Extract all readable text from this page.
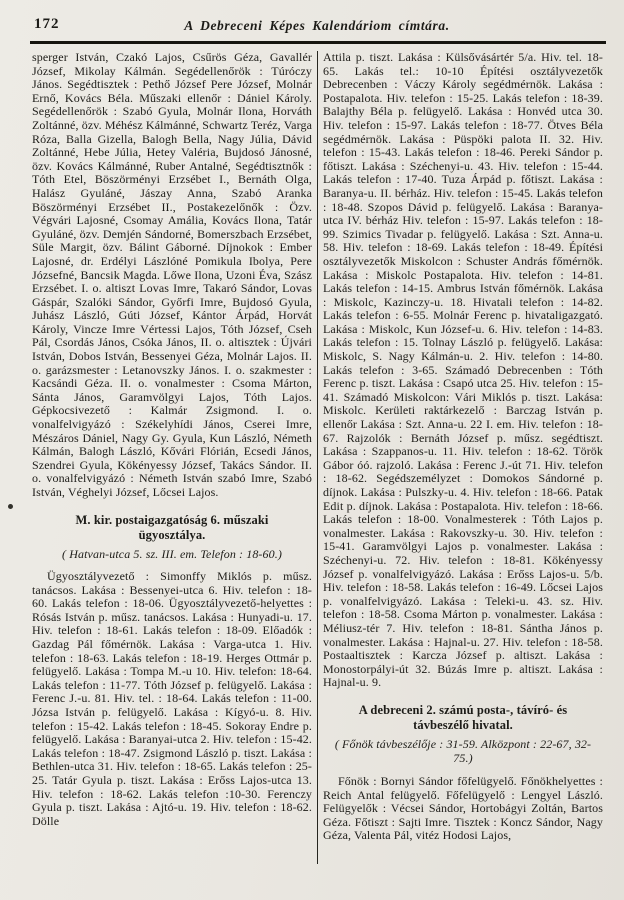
172	A Debreceni Képes Kalendáriom címtára.

sperger István, Czakó Lajos, Csűrös Géza, Gavallér József, Mikolay Kálmán. Segédellenőrök : Túróczy János. Segédtisztek : Pethő József Pere József, Molnár Ernő, Kovács Béla. Műszaki ellenőr : Dániel Károly. Segédellenőrök : Szabó Gyula, Molnár Ilona, Horváth Zoltánné, özv. Méhész Kálmánné, Schwartz Teréz, Varga Róza, Balla Gizella, Balogh Bella, Nagy Júlia, Dávid Zoltánné, Hebe Júlia, Hetey Valéria, Bujdosó Jánosné, özv. Kovács Kálmánné, Ruber Antalné, Segédtisztnők : Tóth Etel, Böszörményi Erzsébet I., Bernáth Olga, Halász Gyuláné, Jászay Anna, Szabó Aranka Böszörményi Erzsébet II., Postakezelőnők : Özv. Végvári Lajosné, Csomay Amália, Kovács Ilona, Tatár Gyuláné, özv. Demjén Sándorné, Bomerszbach Erzsébet, Süle Margit, özv. Bálint Gáborné. Díjnokok : Ember Lajosné, dr. Erdélyi Lászlóné Pomikula Ibolya, Pere Józsefné, Bancsik Magda. Lőwe Ilona, Uzoni Éva, Szász Erzsébet. I. o. altiszt Lovas Imre, Takaró Sándor, Lovas Gáspár, Szalóki Sándor, Győrfi Imre, Bujdosó Gyula, Juhász László, Gúti József, Kántor Árpád, Horvát Károly, Vincze Imre Vértessi Lajos, Tóth József, Cseh Pál, Csordás János, Csóka János, II. o. altisztek : Újvári István, Dobos István, Bessenyei Géza, Molnár Lajos. II. o. garázsmester : Letanovszky János. I. o. szakmester : Kacsándi Géza. II. o. vonalmester : Csoma Márton, Sánta János, Garamvölgyi Lajos, Tóth Lajos. Gépkocsivezető : Kalmár Zsigmond. I. o. vonalfelvigyázó : Székelyhídi János, Cserei Imre, Mészáros Dániel, Nagy Gy. Gyula, Kun László, Németh Kálmán, Balogh László, Kővári Flórián, Ecsedi János, Szendrei Gyula, Kökényessy József, Takács Sándor. II. o. vonalfelvigyázó : Németh István szabó Imre, Szabó István, Véghelyi József, Lőcsei Lajos.

M. kir. postaigazgatóság 6. műszaki ügyosztálya.
( Hatvan-utca 5. sz. III. em. Telefon : 18-60.)

Ügyosztályvezető : Simonffy Miklós p. műsz. tanácsos. Lakása : Bessenyei-utca 6. Hiv. telefon : 18-60. Lakás telefon : 18-06. Ügyosztályvezető-helyettes : Rósás István p. műsz. tanácsos. Lakása : Hunyadi-u. 17. Hiv. telefon : 18-61. Lakás telefon : 18-09. Előadók : Gazdag Pál főmérnök. Lakása : Varga-utca 1. Hiv. telefon : 18-63. Lakás telefon : 18-19. Herges Ottmár p. felügyelő. Lakása : Tompa M.-u 10. Hiv. telefon: 18-64. Lakás telefon : 11-77. Tóth József p. felügyelő. Lakása : Ferenc J.-u. 81. Hiv. tel. : 18-64. Lakás telefon : 11-00. Józsa István p. felügyelő. Lakása : Kígyó-u. 8. Hiv. telefon : 15-42. Lakás telefon : 18-45. Sokoray Endre p. felügyelő. Lakása : Baranyai-utca 2. Hiv. telefon : 15-42. Lakás telefon : 18-47. Zsigmond László p. tiszt. Lakása : Bethlen-utca 31. Hiv. telefon : 18-65. Lakás telefon : 25-25. Tatár Gyula p. tiszt. Lakása : Erőss Lajos-utca 13. Hiv. telefon : 18-62. Lakás telefon :10-30. Ferenczy Gyula p. tiszt. Lakása : Ajtó-u. 19. Hiv. telefon : 18-62. Dölle

Attila p. tiszt. Lakása : Külsővásártér 5/a. Hiv. tel. 18-65. Lakás tel.: 10-10 Építési osztályvezetők Debrecenben : Váczy Károly segédmérnök. Lakása : Postapalota. Hiv. telefon : 15-25. Lakás telefon : 18-39. Balajthy Béla p. felügyelő. Lakása : Honvéd utca 30. Hiv. telefon : 15-97. Lakás telefon : 18-77. Ötves Béla segédmérnök. Lakása : Püspöki palota II. 32. Hiv. telefon : 15-43. Lakás telefon : 18-46. Pereki Sándor p. főtiszt. Lakása : Széchenyi-u. 43. Hiv. telefon : 15-44. Lakás telefon : 17-40. Tuza Árpád p. főtiszt. Lakása : Baranya-u. II. bérház. Hiv. telefon : 15-45. Lakás telefon : 18-48. Szopos Dávid p. felügyelő. Lakása : Baranya-utca IV. bérház Hiv. telefon : 15-97. Lakás telefon : 18-99. Szimics Tivadar p. felügyelő. Lakása : Szt. Anna-u. 58. Hiv. telefon : 18-69. Lakás telefon : 18-49. Építési osztályvezetők Miskolcon : Schuster András főmérnök. Lakása : Miskolc Postapalota. Hiv. telefon : 14-81. Lakás telefon : 14-15. Ambrus István főmérnök. Lakása : Miskolc, Kazinczy-u. 18. Hivatali telefon : 14-82. Lakás telefon : 6-55. Molnár Ferenc p. hivataligazgató. Lakása : Miskolc, Kun József-u. 6. Hiv. telefon : 14-83. Lakás telefon : 15. Tolnay László p. felügyelő. Lakása: Miskolc, S. Nagy Kálmán-u. 2. Hiv. telefon : 14-80. Lakás telefon : 3-65. Számadó Debrecenben : Tóth Ferenc p. tiszt. Lakása : Csapó utca 25. Hiv. telefon : 15-41. Számadó Miskolcon: Vári Miklós p. tiszt. Lakása: Miskolc. Kerületi raktárkezelő : Barczag István p. ellenőr Lakása : Szt. Anna-u. 22 I. em. Hiv. telefon : 18-67. Rajzolók : Bernáth József p. műsz. segédtiszt. Lakása : Szappanos-u. 11. Hiv. telefon : 18-62. Török Gábor óó. rajzoló. Lakása : Ferenc J.-út 71. Hiv. telefon : 18-62. Segédszemélyzet : Domokos Sándorné p. díjnok. Lakása : Pulszky-u. 4. Hiv. telefon : 18-66. Patak Edit p. díjnok. Lakása : Postapalota. Hiv. telefon : 18-66. Lakás telefon : 18-00. Vonalmesterek : Tóth Lajos p. vonalmester. Lakása : Rakovszky-u. 30. Hiv. telefon : 15-41. Garamvölgyi Lajos p. vonalmester. Lakása : Széchenyi-u. 72. Hiv. telefon : 18-81. Kökényessy József p. vonalfelvigyázó. Lakása : Erőss Lajos-u. 5/b. Hiv. telefon : 18-58. Lakás telefon : 16-49. Lőcsei Lajos p. vonalfelvigyázó. Lakása : Teleki-u. 43. sz. Hiv. telefon : 18-58. Csoma Márton p. vonalmester. Lakása : Méliusz-tér 7. Hiv. telefon : 18-81. Sántha János p. vonalmester. Lakása : Hajnal-u. 27. Hiv. telefon : 18-58. Postaaltisztek : Karcza József p. altiszt. Lakása : Monostorpályi-út 32. Búzás Imre p. altiszt. Lakása : Hajnal-u. 9.

A debreceni 2. számú posta-, távíró- és távbeszélő hivatal.
( Főnök távbeszélője : 31-59. Alközpont : 22-67, 32-75.)

Főnök : Bornyi Sándor főfelügyelő. Főnökhelyettes : Reich Antal felügyelő. Főfelügyelő : Lengyel László. Felügyelők : Vécsei Sándor, Hortobágyi Zoltán, Bartos Géza. Főtiszt : Sajti Imre. Tisztek : Koncz Sándor, Nagy Géza, Valenta Pál, vitéz Hodosi Lajos,
